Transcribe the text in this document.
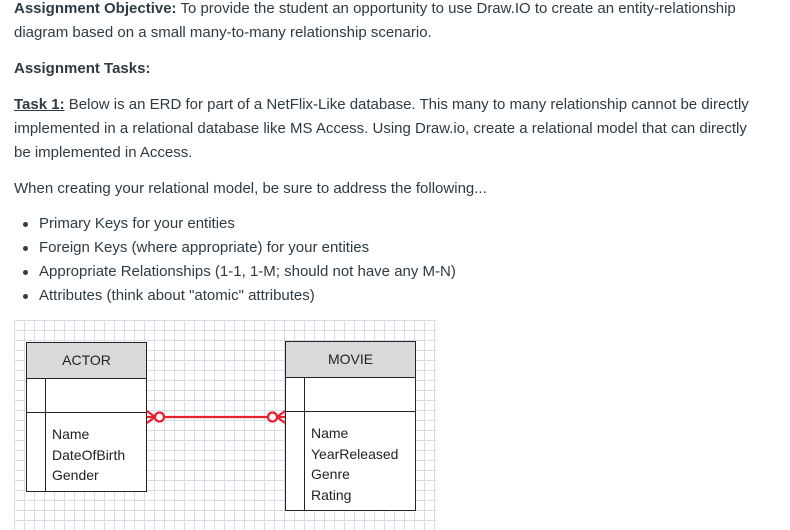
Assignment Objective: To provide the student an opportunity to use Draw.IO to create an entity-relationship

diagram based on a small many-to-many relationship scenario.

Assignment Tasks:

Task 1: Below is an ERD for part of a NetFlix-Like database. This many to many relationship cannot be directly

implemented in a relational database like MS Access. Using Draw.io, create a relational model that can directly

be implemented in Access.

When creating your relational model, be sure to address the following...

Primary Keys for your entities
Foreign Keys (where appropriate) for your entities
Appropriate Relationships (1-1, 1-M; should not have any M-N)
Attributes (think about "atomic" attributes)
ACTOR
Name
DateOfBirth
Gender
MOVIE
Name
YearReleased
Genre
Rating
